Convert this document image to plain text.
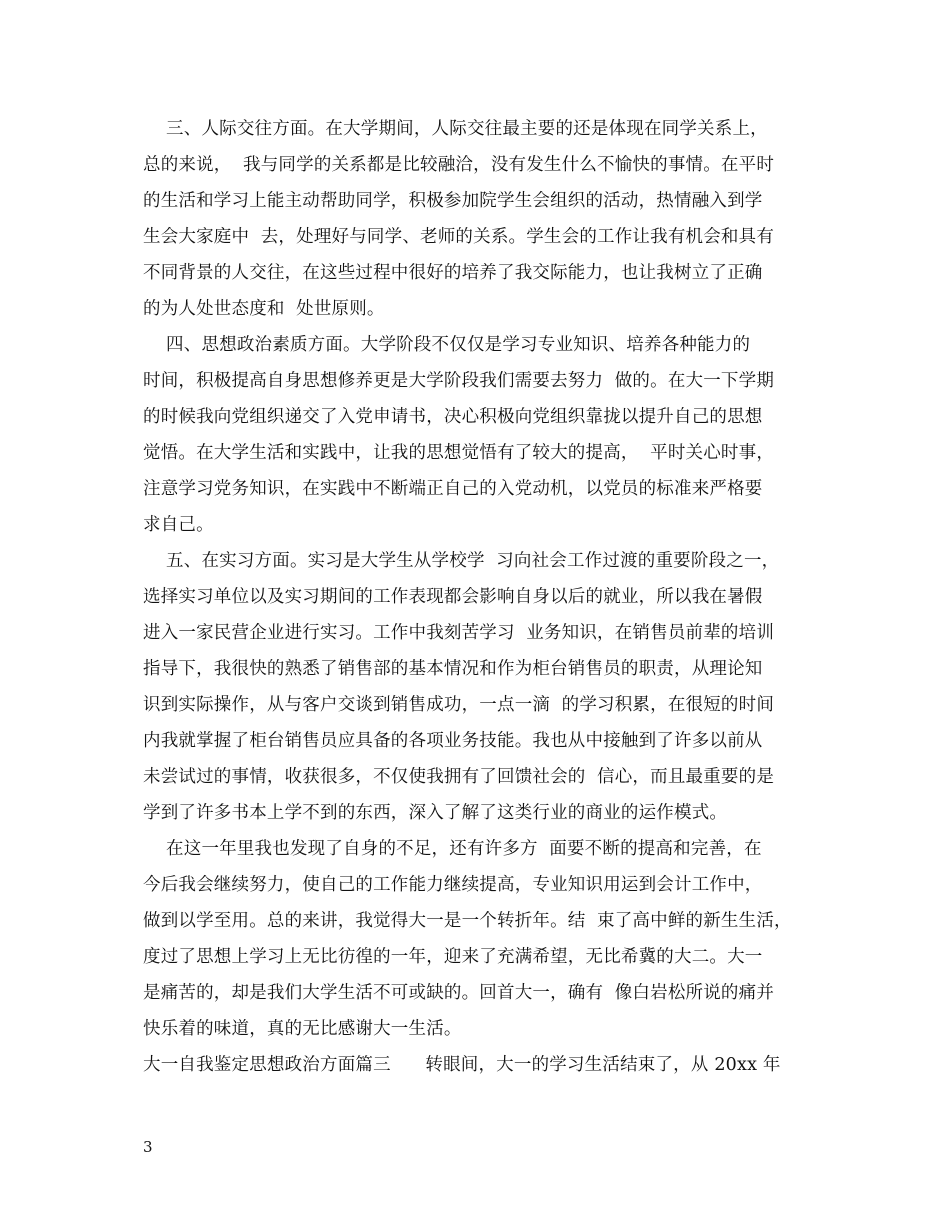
三、人际交往方面。在大学期间，人际交往最主要的还是体现在同学关系上，
总的来说，  我与同学的关系都是比较融洽，没有发生什么不愉快的事情。在平时
的生活和学习上能主动帮助同学，积极参加院学生会组织的活动，热情融入到学
生会大家庭中  去，处理好与同学、老师的关系。学生会的工作让我有机会和具有
不同背景的人交往，在这些过程中很好的培养了我交际能力，也让我树立了正确
的为人处世态度和  处世原则。
四、思想政治素质方面。大学阶段不仅仅是学习专业知识、培养各种能力的
时间，积极提高自身思想修养更是大学阶段我们需要去努力  做的。在大一下学期
的时候我向党组织递交了入党申请书，决心积极向党组织靠拢以提升自己的思想
觉悟。在大学生活和实践中，让我的思想觉悟有了较大的提高，  平时关心时事，
注意学习党务知识，在实践中不断端正自己的入党动机，以党员的标准来严格要
求自己。
五、在实习方面。实习是大学生从学校学  习向社会工作过渡的重要阶段之一，
选择实习单位以及实习期间的工作表现都会影响自身以后的就业，所以我在暑假
进入一家民营企业进行实习。工作中我刻苦学习  业务知识，在销售员前辈的培训
指导下，我很快的熟悉了销售部的基本情况和作为柜台销售员的职责，从理论知
识到实际操作，从与客户交谈到销售成功，一点一滴  的学习积累，在很短的时间
内我就掌握了柜台销售员应具备的各项业务技能。我也从中接触到了许多以前从
未尝试过的事情，收获很多，不仅使我拥有了回馈社会的  信心，而且最重要的是
学到了许多书本上学不到的东西，深入了解了这类行业的商业的运作模式。
在这一年里我也发现了自身的不足，还有许多方  面要不断的提高和完善，在
今后我会继续努力，使自己的工作能力继续提高，专业知识用运到会计工作中，
做到以学至用。总的来讲，我觉得大一是一个转折年。结  束了高中鲜的新生生活，
度过了思想上学习上无比彷徨的一年，迎来了充满希望，无比希冀的大二。大一
是痛苦的，却是我们大学生活不可或缺的。回首大一，确有  像白岩松所说的痛并
快乐着的味道，真的无比感谢大一生活。
大一自我鉴定思想政治方面篇三      转眼间，大一的学习生活结束了，从 20xx 年
3
